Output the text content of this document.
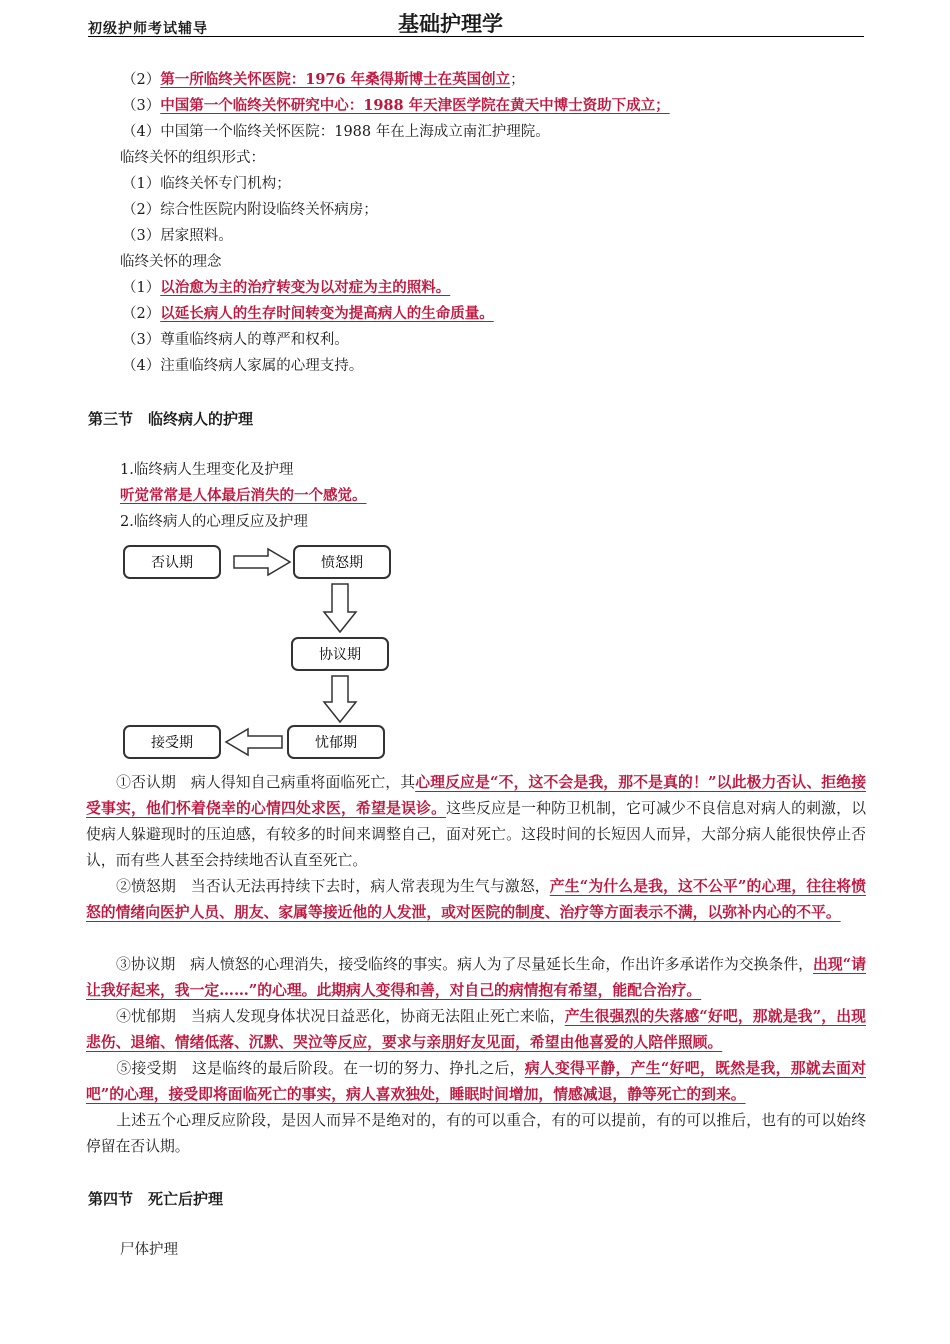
初级护师考试辅导	基础护理学
（2）第一所临终关怀医院：1976 年桑得斯博士在英国创立；
（3）中国第一个临终关怀研究中心：1988 年天津医学院在黄天中博士资助下成立；
（4）中国第一个临终关怀医院：1988 年在上海成立南汇护理院。
临终关怀的组织形式：
（1）临终关怀专门机构；
（2）综合性医院内附设临终关怀病房；
（3）居家照料。
临终关怀的理念
（1）以治愈为主的治疗转变为以对症为主的照料。
（2）以延长病人的生存时间转变为提高病人的生命质量。
（3）尊重临终病人的尊严和权利。
（4）注重临终病人家属的心理支持。
第三节　临终病人的护理
1.临终病人生理变化及护理
听觉常常是人体最后消失的一个感觉。
2.临终病人的心理反应及护理
否认期	愤怒期
协议期
忧郁期
接受期
①否认期　病人得知自己病重将面临死亡，其心理反应是“不，这不会是我，那不是真的！”以此极力否认、拒绝接受事实，他们怀着侥幸的心情四处求医，希望是误诊。这些反应是一种防卫机制，它可减少不良信息对病人的刺激，以使病人躲避现时的压迫感，有较多的时间来调整自己，面对死亡。这段时间的长短因人而异，大部分病人能很快停止否认，而有些人甚至会持续地否认直至死亡。
②愤怒期　当否认无法再持续下去时，病人常表现为生气与激怒，产生“为什么是我，这不公平”的心理，往往将愤怒的情绪向医护人员、朋友、家属等接近他的人发泄，或对医院的制度、治疗等方面表示不满，以弥补内心的不平。
③协议期　病人愤怒的心理消失，接受临终的事实。病人为了尽量延长生命，作出许多承诺作为交换条件，出现“请让我好起来，我一定……”的心理。此期病人变得和善，对自己的病情抱有希望，能配合治疗。
④忧郁期　当病人发现身体状况日益恶化，协商无法阻止死亡来临，产生很强烈的失落感“好吧，那就是我”，出现悲伤、退缩、情绪低落、沉默、哭泣等反应，要求与亲朋好友见面，希望由他喜爱的人陪伴照顾。
⑤接受期　这是临终的最后阶段。在一切的努力、挣扎之后，病人变得平静，产生“好吧，既然是我，那就去面对吧”的心理，接受即将面临死亡的事实，病人喜欢独处，睡眠时间增加，情感减退，静等死亡的到来。
上述五个心理反应阶段，是因人而异不是绝对的，有的可以重合，有的可以提前，有的可以推后，也有的可以始终停留在否认期。
第四节　死亡后护理
尸体护理
